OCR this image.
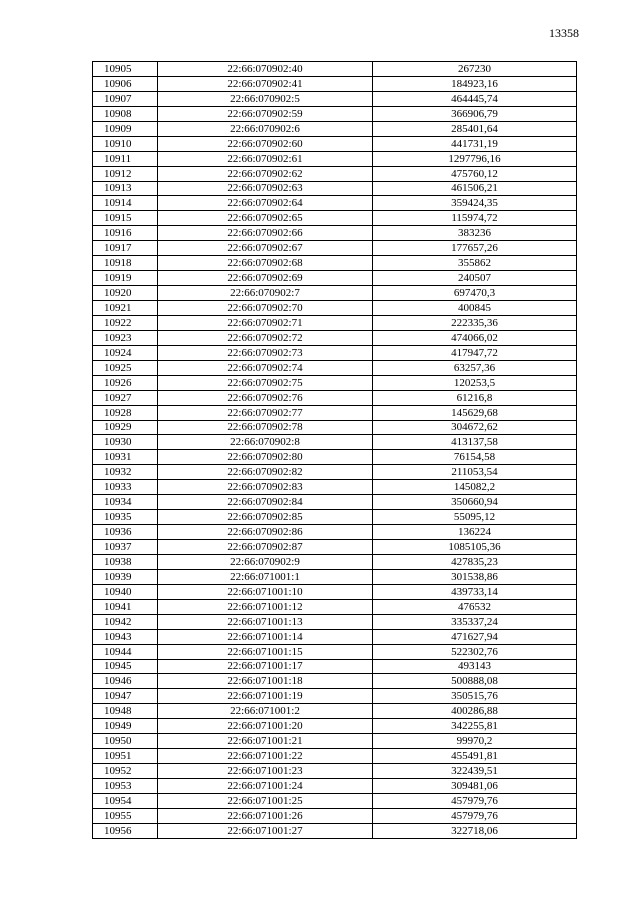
13358
10905	22:66:070902:40	267230
10906	22:66:070902:41	184923,16
10907	22:66:070902:5	464445,74
10908	22:66:070902:59	366906,79
10909	22:66:070902:6	285401,64
10910	22:66:070902:60	441731,19
10911	22:66:070902:61	1297796,16
10912	22:66:070902:62	475760,12
10913	22:66:070902:63	461506,21
10914	22:66:070902:64	359424,35
10915	22:66:070902:65	115974,72
10916	22:66:070902:66	383236
10917	22:66:070902:67	177657,26
10918	22:66:070902:68	355862
10919	22:66:070902:69	240507
10920	22:66:070902:7	697470,3
10921	22:66:070902:70	400845
10922	22:66:070902:71	222335,36
10923	22:66:070902:72	474066,02
10924	22:66:070902:73	417947,72
10925	22:66:070902:74	63257,36
10926	22:66:070902:75	120253,5
10927	22:66:070902:76	61216,8
10928	22:66:070902:77	145629,68
10929	22:66:070902:78	304672,62
10930	22:66:070902:8	413137,58
10931	22:66:070902:80	76154,58
10932	22:66:070902:82	211053,54
10933	22:66:070902:83	145082,2
10934	22:66:070902:84	350660,94
10935	22:66:070902:85	55095,12
10936	22:66:070902:86	136224
10937	22:66:070902:87	1085105,36
10938	22:66:070902:9	427835,23
10939	22:66:071001:1	301538,86
10940	22:66:071001:10	439733,14
10941	22:66:071001:12	476532
10942	22:66:071001:13	335337,24
10943	22:66:071001:14	471627,94
10944	22:66:071001:15	522302,76
10945	22:66:071001:17	493143
10946	22:66:071001:18	500888,08
10947	22:66:071001:19	350515,76
10948	22:66:071001:2	400286,88
10949	22:66:071001:20	342255,81
10950	22:66:071001:21	99970,2
10951	22:66:071001:22	455491,81
10952	22:66:071001:23	322439,51
10953	22:66:071001:24	309481,06
10954	22:66:071001:25	457979,76
10955	22:66:071001:26	457979,76
10956	22:66:071001:27	322718,06
